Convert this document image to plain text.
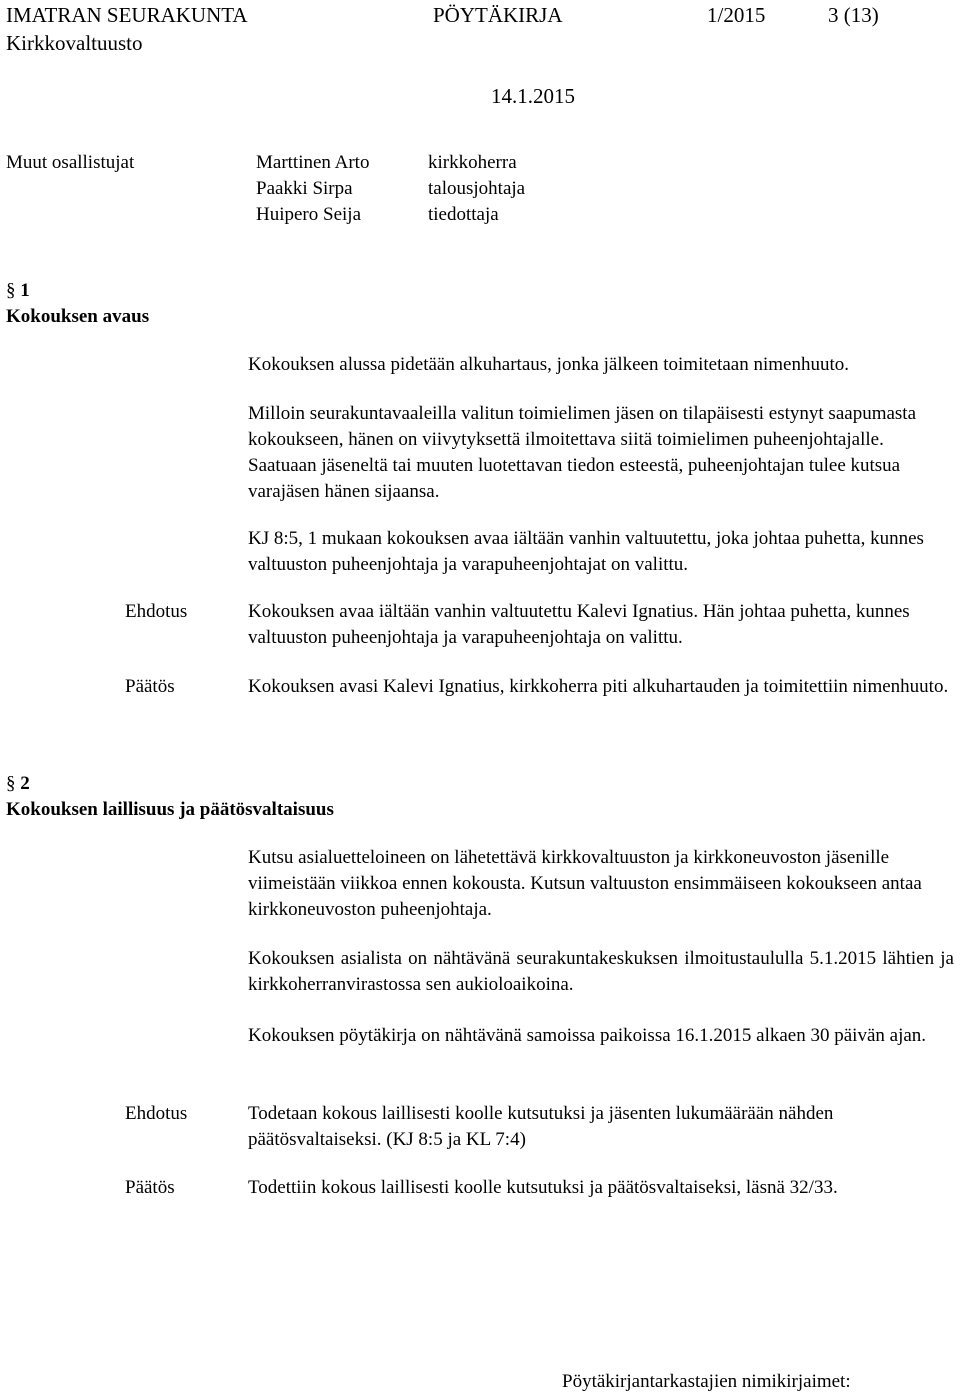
IMATRAN SEURAKUNTA	PÖYTÄKIRJA	1/2015	3 (13)
Kirkkovaltuusto
14.1.2015
Muut osallistujat	Marttinen Arto	kirkkoherra
Paakki Sirpa	talousjohtaja
Huipero Seija	tiedottaja
§ 1
Kokouksen avaus
Kokouksen alussa pidetään alkuhartaus, jonka jälkeen toimitetaan nimenhuuto.
Milloin seurakuntavaaleilla valitun toimielimen jäsen on tilapäisesti estynyt saapumasta kokoukseen, hänen on viivytyksettä ilmoitettava siitä toimielimen puheenjohtajalle. Saatuaan jäseneltä tai muuten luotettavan tiedon esteestä, puheenjohtajan tulee kutsua varajäsen hänen sijaansa.
KJ 8:5, 1 mukaan kokouksen avaa iältään vanhin valtuutettu, joka johtaa puhetta, kunnes valtuuston puheenjohtaja ja varapuheenjohtajat on valittu.
Ehdotus	Kokouksen avaa iältään vanhin valtuutettu Kalevi Ignatius. Hän johtaa puhetta, kunnes valtuuston puheenjohtaja ja varapuheenjohtaja on valittu.
Päätös	Kokouksen avasi Kalevi Ignatius, kirkkoherra piti alkuhartauden ja toimitettiin nimenhuuto.
§ 2
Kokouksen laillisuus ja päätösvaltaisuus
Kutsu asialuetteloineen on lähetettävä kirkkovaltuuston ja kirkkoneuvoston jäsenille viimeistään viikkoa ennen kokousta. Kutsun valtuuston ensimmäiseen kokoukseen antaa kirkkoneuvoston puheenjohtaja.
Kokouksen asialista on nähtävänä seurakuntakeskuksen ilmoitustaululla 5.1.2015 lähtien ja kirkkoherranvirastossa sen aukioloaikoina.
Kokouksen pöytäkirja on nähtävänä samoissa paikoissa 16.1.2015 alkaen 30 päivän ajan.
Ehdotus	Todetaan kokous laillisesti koolle kutsutuksi ja jäsenten lukumäärään nähden päätösvaltaiseksi. (KJ 8:5 ja KL 7:4)
Päätös	Todettiin kokous laillisesti koolle kutsutuksi ja päätösvaltaiseksi, läsnä 32/33.
Pöytäkirjantarkastajien nimikirjaimet:
